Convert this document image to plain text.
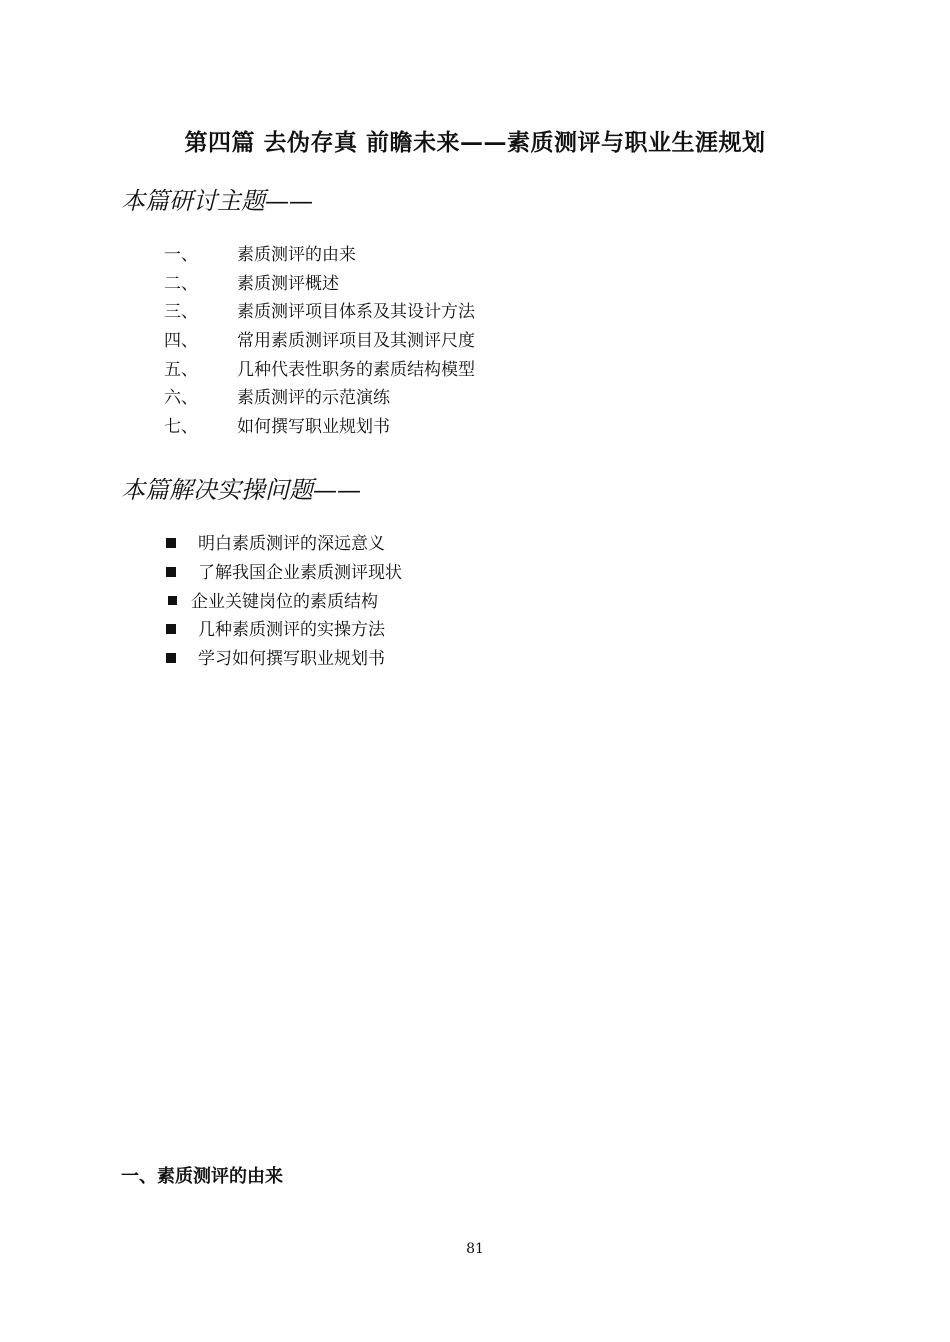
第四篇 去伪存真 前瞻未来——素质测评与职业生涯规划
本篇研讨主题——
一、	素质测评的由来
二、	素质测评概述
三、	素质测评项目体系及其设计方法
四、	常用素质测评项目及其测评尺度
五、	几种代表性职务的素质结构模型
六、	素质测评的示范演练
七、	如何撰写职业规划书
本篇解决实操问题——
明白素质测评的深远意义
了解我国企业素质测评现状
企业关键岗位的素质结构
几种素质测评的实操方法
学习如何撰写职业规划书
一、素质测评的由来
81
